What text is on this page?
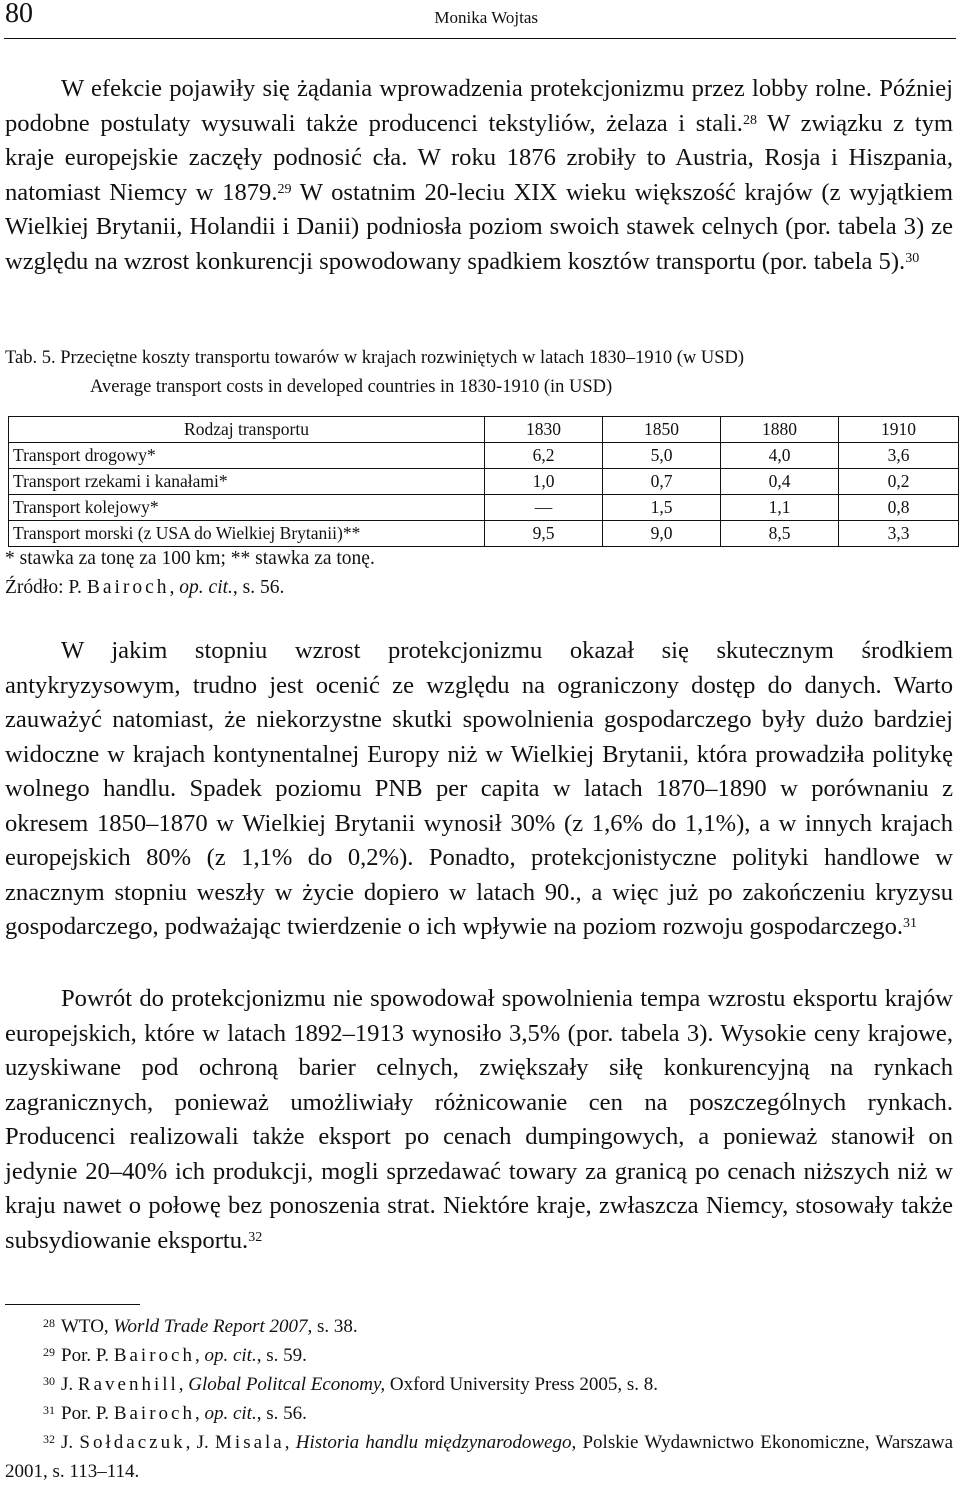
80	Monika Wojtas

W efekcie pojawiły się żądania wprowadzenia protekcjonizmu przez lobby rolne. Później podobne postulaty wysuwali także producenci tekstyliów, żelaza i stali.$^{28}$ W związku z tym kraje europejskie zaczęły podnosić cła. W roku 1876 zrobiły to Austria, Rosja i Hiszpania, natomiast Niemcy w 1879.29 W ostatnim 20-leciu XIX wieku większość krajów (z wyjątkiem Wielkiej Brytanii, Holandii i Danii) podniosła poziom swoich stawek celnych (por. tabela 3) ze względu na wzrost konkurencji spowodowany spadkiem kosztów transportu (por. tabela 5).$^{30}$

Tab. 5. Przeciętne koszty transportu towarów w krajach rozwiniętych w latach 1830–1910 (w USD)
Average transport costs in developed countries in 1830-1910 (in USD)
Rodzaj transportu	1830	1850	1880	1910
Transport drogowy*	6,2	5,0	4,0	3,6
Transport rzekami i kanałami*	1,0	0,7	0,4	0,2
Transport kolejowy*	—	1,5	1,1	0,8
Transport morski (z USA do Wielkiej Brytanii)**	9,5	9,0	8,5	3,3
* stawka za tonę za 100 km; ** stawka za tonę.
Źródło: P. Bairoch, op. cit., s. 56.

W jakim stopniu wzrost protekcjonizmu okazał się skutecznym środkiem antykryzysowym, trudno jest ocenić ze względu na ograniczony dostęp do danych. Warto zauważyć natomiast, że niekorzystne skutki spowolnienia gospodarczego były dużo bardziej widoczne w krajach kontynentalnej Europy niż w Wielkiej Brytanii, która prowadziła politykę wolnego handlu. Spadek poziomu PNB per capita w latach 1870–1890 w porównaniu z okresem 1850–1870 w Wielkiej Brytanii wynosił 30% (z 1,6% do 1,1%), a w innych krajach europejskich 80% (z 1,1% do 0,2%). Ponadto, protekcjonistyczne polityki handlowe w znacznym stopniu weszły w życie dopiero w latach 90., a więc już po zakończeniu kryzysu gospodarczego, podważając twierdzenie o ich wpływie na poziom rozwoju gospodarczego.$^{31}$

Powrót do protekcjonizmu nie spowodował spowolnienia tempa wzrostu eksportu krajów europejskich, które w latach 1892–1913 wynosiło 3,5% (por. tabela 3). Wysokie ceny krajowe, uzyskiwane pod ochroną barier celnych, zwiększały siłę konkurencyjną na rynkach zagranicznych, ponieważ umożliwiały różnicowanie cen na poszczególnych rynkach. Producenci realizowali także eksport po cenach dumpingowych, a ponieważ stanowił on jedynie 20–40% ich produkcji, mogli sprzedawać towary za granicą po cenach niższych niż w kraju nawet o połowę bez ponoszenia strat. Niektóre kraje, zwłaszcza Niemcy, stosowały także subsydiowanie eksportu.$^{32}$

$^{28}$ WTO, World Trade Report 2007, s. 38.

$^{29}$ Por. P. Bairoch, op. cit., s. 59.

$^{30}$ J. Ravenhill, Global Politcal Economy, Oxford University Press 2005, s. 8.

$^{31}$ Por. P. Bairoch, op. cit., s. 56.

$^{32}$ J. Sołdaczuk, J. Misala, Historia handlu międzynarodowego, Polskie Wydawnictwo Ekonomiczne, Warszawa 2001, s. 113–114.
